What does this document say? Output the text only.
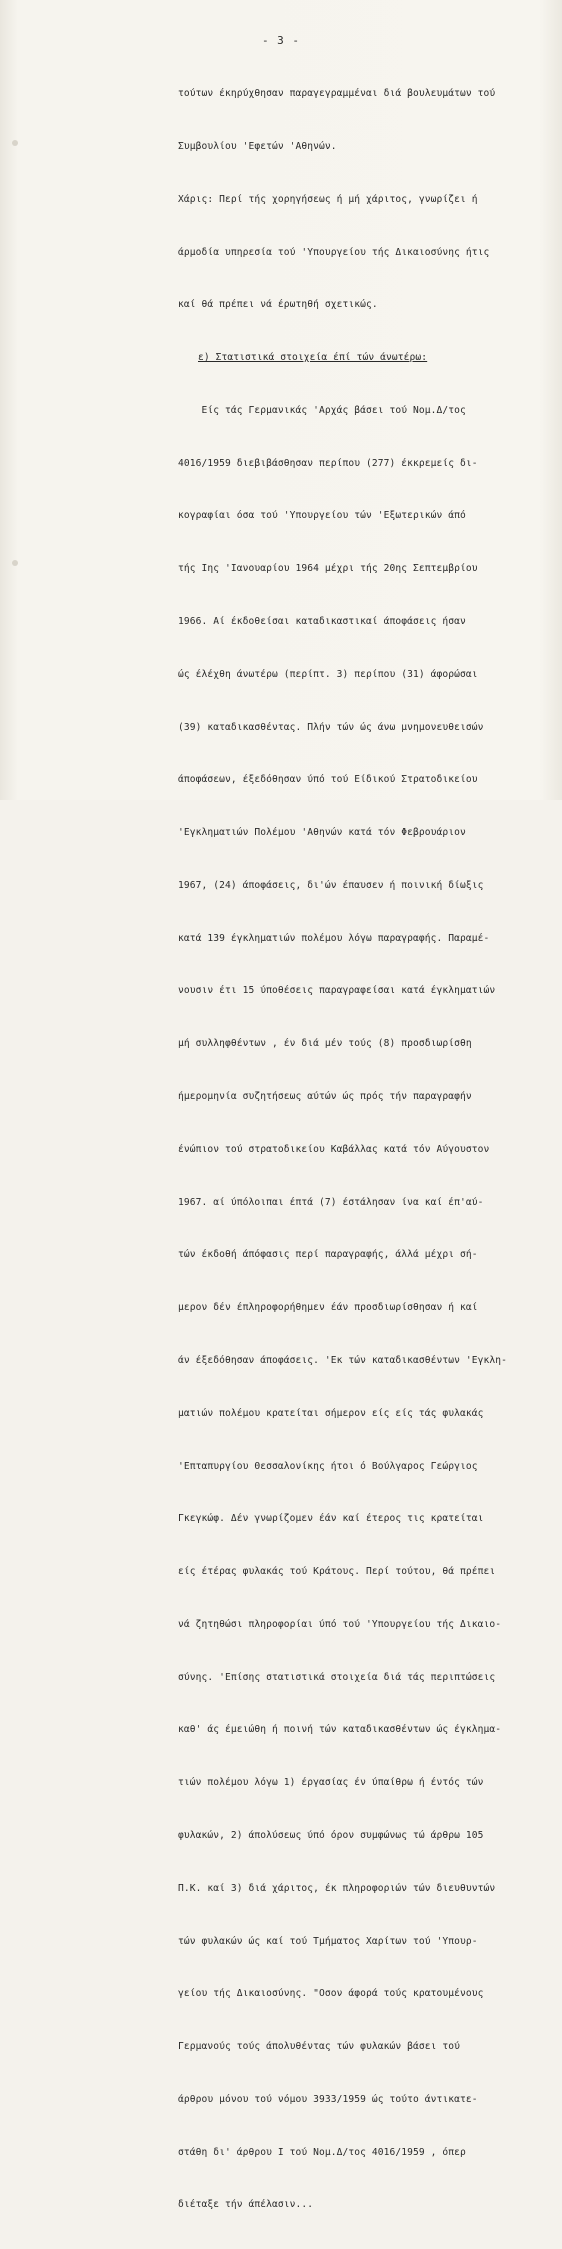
- 3 -

τούτων έκηρύχθησαν παραγεγραμμέναι διά βουλευμάτων τού

Συμβουλίου 'Εφετών 'Αθηνών.

Χάρις: Περί τής χορηγήσεως ή μή χάριτος, γνωρίζει ή

άρμοδία υπηρεσία τού 'Υπουργείου τής Δικαιοσύνης ήτις

καί θά πρέπει νά έρωτηθή σχετικώς.

ε) Στατιστικά στοιχεία έπί τών άνωτέρω:

Είς τάς Γερμανικάς 'Αρχάς βάσει τού Νομ.Δ/τος

4016/1959 διεβιβάσθησαν περίπου (277) έκκρεμείς δι-

κογραφίαι όσα τού 'Υπουργείου τών 'Εξωτερικών άπό

τής Ιης 'Ιανουαρίου 1964 μέχρι τής 20ης Σεπτεμβρίου

1966. Αί έκδοθείσαι καταδικαστικαί άποφάσεις ήσαν

ώς έλέχθη άνωτέρω (περίπτ. 3) περίπου (31) άφορώσαι

(39) καταδικασθέντας. Πλήν τών ώς άνω μνημονευθεισών

άποφάσεων, έξεδόθησαν ύπό τού Είδικού Στρατοδικείου

'Εγκληματιών Πολέμου 'Αθηνών κατά τόν Φεβρουάριον

1967, (24) άποφάσεις, δι'ών έπαυσεν ή ποινική δίωξις

κατά 139 έγκληματιών πολέμου λόγω παραγραφής. Παραμέ-

νουσιν έτι 15 ύποθέσεις παραγραφείσαι κατά έγκληματιών

μή συλληφθέντων , έν διά μέν τούς (8) προσδιωρίσθη

ήμερομηνία συζητήσεως αύτών ώς πρός τήν παραγραφήν

ένώπιον τού στρατοδικείου Καβάλλας κατά τόν Αύγουστον

1967. αί ύπόλοιπαι έπτά (7) έστάλησαν ίνα καί έπ'αύ-

τών έκδοθή άπόφασις περί παραγραφής, άλλά μέχρι σή-

μερον δέν έπληροφορήθημεν έάν προσδιωρίσθησαν ή καί

άν έξεδόθησαν άποφάσεις. 'Εκ τών καταδικασθέντων 'Εγκλη-

ματιών πολέμου κρατείται σήμερον είς είς τάς φυλακάς

'Επταπυργίου Θεσσαλονίκης ήτοι ό Βούλγαρος Γεώργιος

Γκεγκώφ. Δέν γνωρίζομεν έάν καί έτερος τις κρατείται

είς έτέρας φυλακάς τού Κράτους. Περί τούτου, θά πρέπει

νά ζητηθώσι πληροφορίαι ύπό τού 'Υπουργείου τής Δικαιο-

σύνης. 'Επίσης στατιστικά στοιχεία διά τάς περιπτώσεις

καθ' άς έμειώθη ή ποινή τών καταδικασθέντων ώς έγκλημα-

τιών πολέμου λόγω 1) έργασίας έν ύπαίθρω ή έντός τών

φυλακών, 2) άπολύσεως ύπό όρον συμφώνως τώ άρθρω 105

Π.Κ. καί 3) διά χάριτος, έκ πληροφοριών τών διευθυντών

τών φυλακών ώς καί τού Τμήματος Χαρίτων τού 'Υπουρ-

γείου τής Δικαιοσύνης. "Οσον άφορά τούς κρατουμένους

Γερμανούς τούς άπολυθέντας τών φυλακών βάσει τού

άρθρου μόνου τού νόμου 3933/1959 ώς τούτο άντικατε-

στάθη δι' άρθρου Ι τού Νομ.Δ/τος 4016/1959 , όπερ

διέταξε τήν άπέλασιν...
